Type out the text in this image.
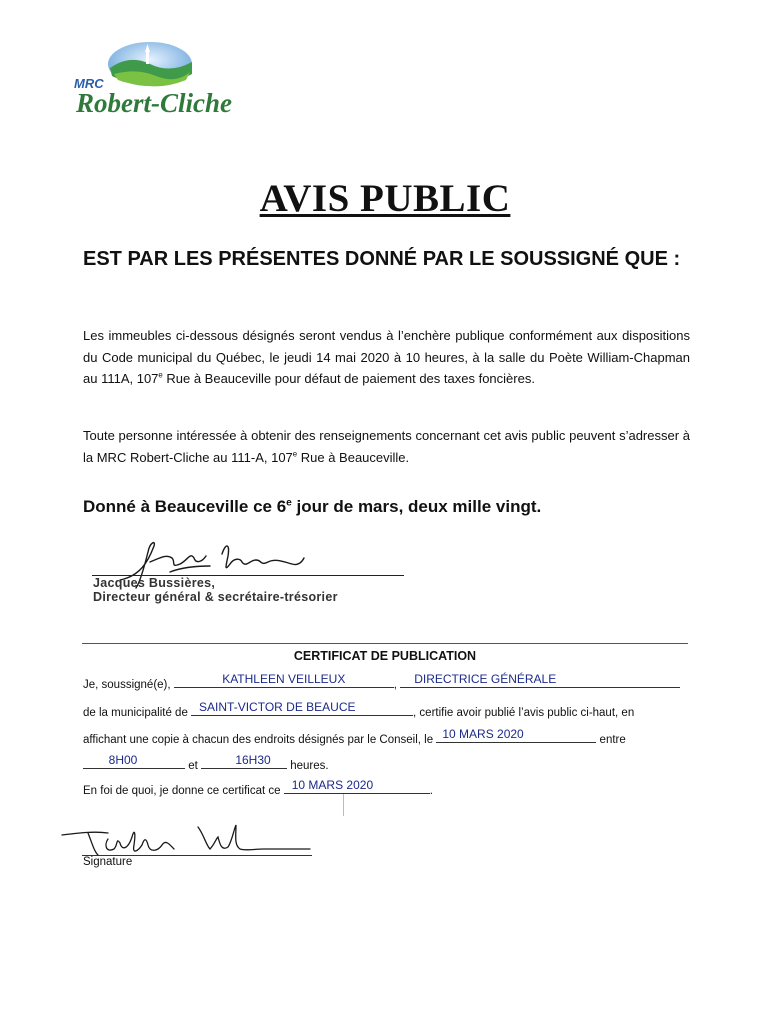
MRC
Robert-Cliche
AVIS PUBLIC
EST PAR LES PRÉSENTES DONNÉ PAR LE SOUSSIGNÉ QUE :
Les immeubles ci-dessous désignés seront vendus à l’enchère publique conformément aux dispositions du Code municipal du Québec, le jeudi 14 mai 2020 à 10 heures, à la salle du Poète William-Chapman au 111A, 107e Rue à Beauceville pour défaut de paiement des taxes foncières.
Toute personne intéressée à obtenir des renseignements concernant cet avis public peuvent s’adresser à la MRC Robert-Cliche au 111-A, 107e Rue à Beauceville.
Donné à Beauceville ce 6e jour de mars, deux mille vingt.
Jacques Bussières,
Directeur général & secrétaire-trésorier
CERTIFICAT DE PUBLICATION
Je, soussigné(e),	KATHLEEN VEILLEUX	, DIRECTRICE GÉNÉRALE
de la municipalité de SAINT-VICTOR DE BEAUCE	, certifie avoir publié l’avis public ci-haut, en
affichant une copie à chacun des endroits désignés par le Conseil, le 10 MARS 2020	entre
8H00	et	16H30	heures.
En foi de quoi, je donne ce certificat ce 10 MARS 2020	.
Signature
